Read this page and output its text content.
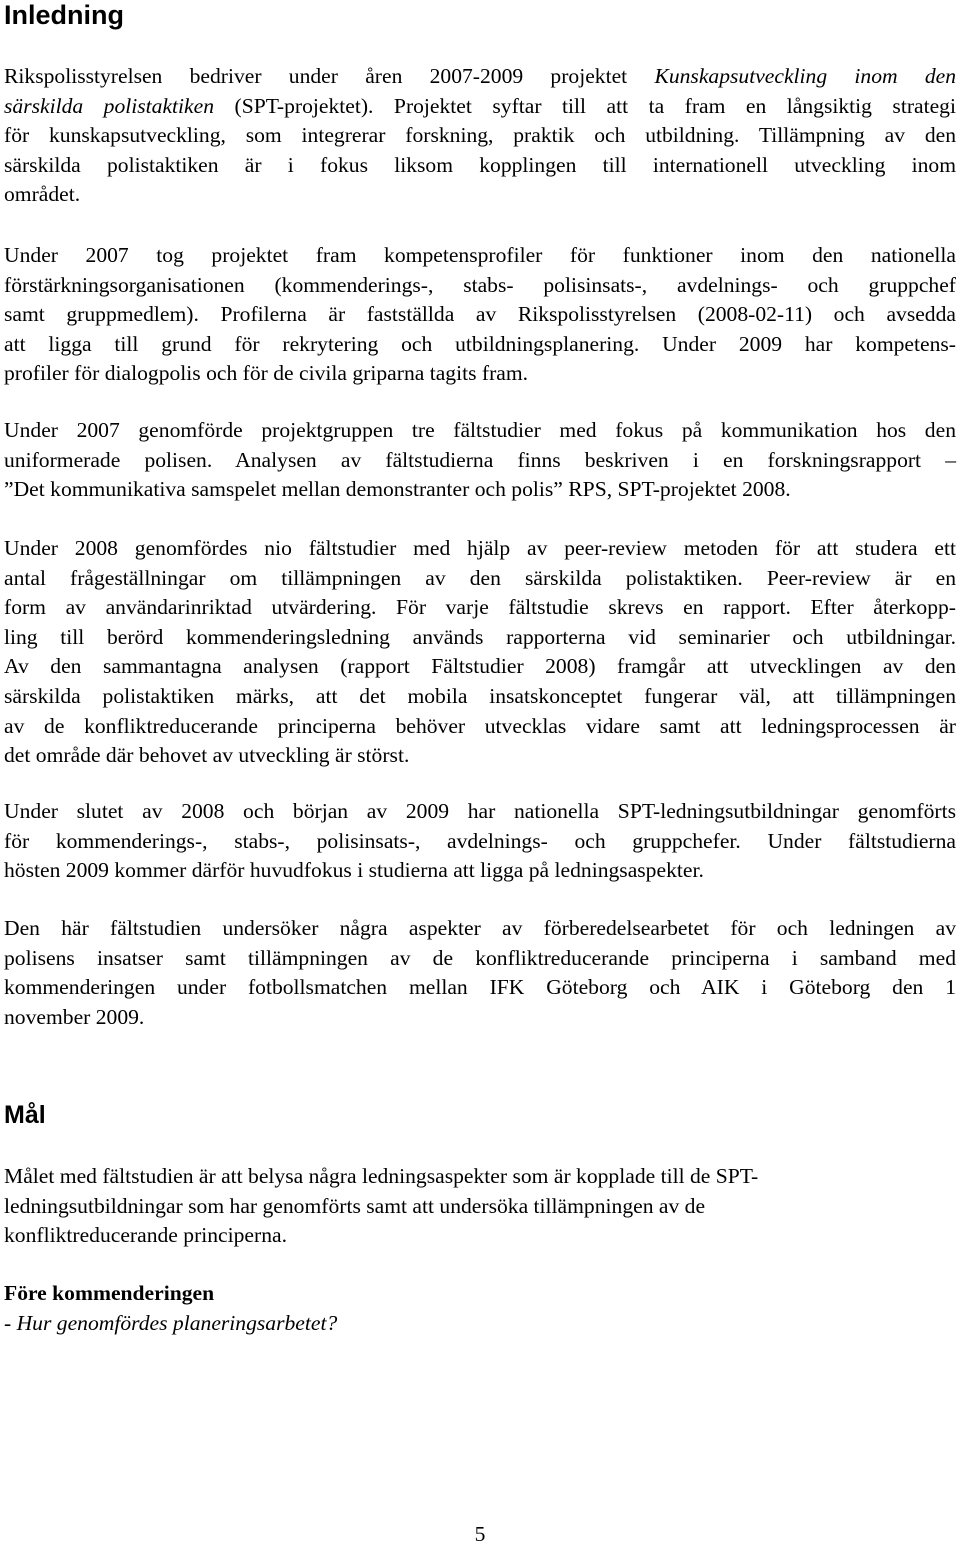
Inledning
Rikspolisstyrelsen bedriver under åren 2007-2009 projektet Kunskapsutveckling inom den
särskilda polistaktiken (SPT-projektet). Projektet syftar till att ta fram en långsiktig strategi
för kunskapsutveckling, som integrerar forskning, praktik och utbildning. Tillämpning av den
särskilda polistaktiken är i fokus liksom kopplingen till internationell utveckling inom
området.
Under 2007 tog projektet fram kompetensprofiler för funktioner inom den nationella
förstärkningsorganisationen (kommenderings-, stabs- polisinsats-, avdelnings- och gruppchef
samt gruppmedlem). Profilerna är fastställda av Rikspolisstyrelsen (2008-02-11) och avsedda
att ligga till grund för rekrytering och utbildningsplanering. Under 2009 har kompetens-
profiler för dialogpolis och för de civila griparna tagits fram.
Under 2007 genomförde projektgruppen tre fältstudier med fokus på kommunikation hos den
uniformerade polisen. Analysen av fältstudierna finns beskriven i en forskningsrapport –
”Det kommunikativa samspelet mellan demonstranter och polis” RPS, SPT-projektet 2008.
Under 2008 genomfördes nio fältstudier med hjälp av peer-review metoden för att studera ett
antal frågeställningar om tillämpningen av den särskilda polistaktiken. Peer-review är en
form av användarinriktad utvärdering. För varje fältstudie skrevs en rapport. Efter återkopp-
ling till berörd kommenderingsledning används rapporterna vid seminarier och utbildningar.
Av den sammantagna analysen (rapport Fältstudier 2008) framgår att utvecklingen av den
särskilda polistaktiken märks, att det mobila insatskonceptet fungerar väl, att tillämpningen
av de konfliktreducerande principerna behöver utvecklas vidare samt att ledningsprocessen är
det område där behovet av utveckling är störst.
Under slutet av 2008 och början av 2009 har nationella SPT-ledningsutbildningar genomförts
för kommenderings-, stabs-, polisinsats-, avdelnings- och gruppchefer. Under fältstudierna
hösten 2009 kommer därför huvudfokus i studierna att ligga på ledningsaspekter.
Den här fältstudien undersöker några aspekter av förberedelsearbetet för och ledningen av
polisens insatser samt tillämpningen av de konfliktreducerande principerna i samband med
kommenderingen under fotbollsmatchen mellan IFK Göteborg och AIK i Göteborg den 1
november 2009.
Mål
Målet med fältstudien är att belysa några ledningsaspekter som är kopplade till de SPT-
ledningsutbildningar som har genomförts samt att undersöka tillämpningen av de
konfliktreducerande principerna.
Före kommenderingen
- Hur genomfördes planeringsarbetet?
5
